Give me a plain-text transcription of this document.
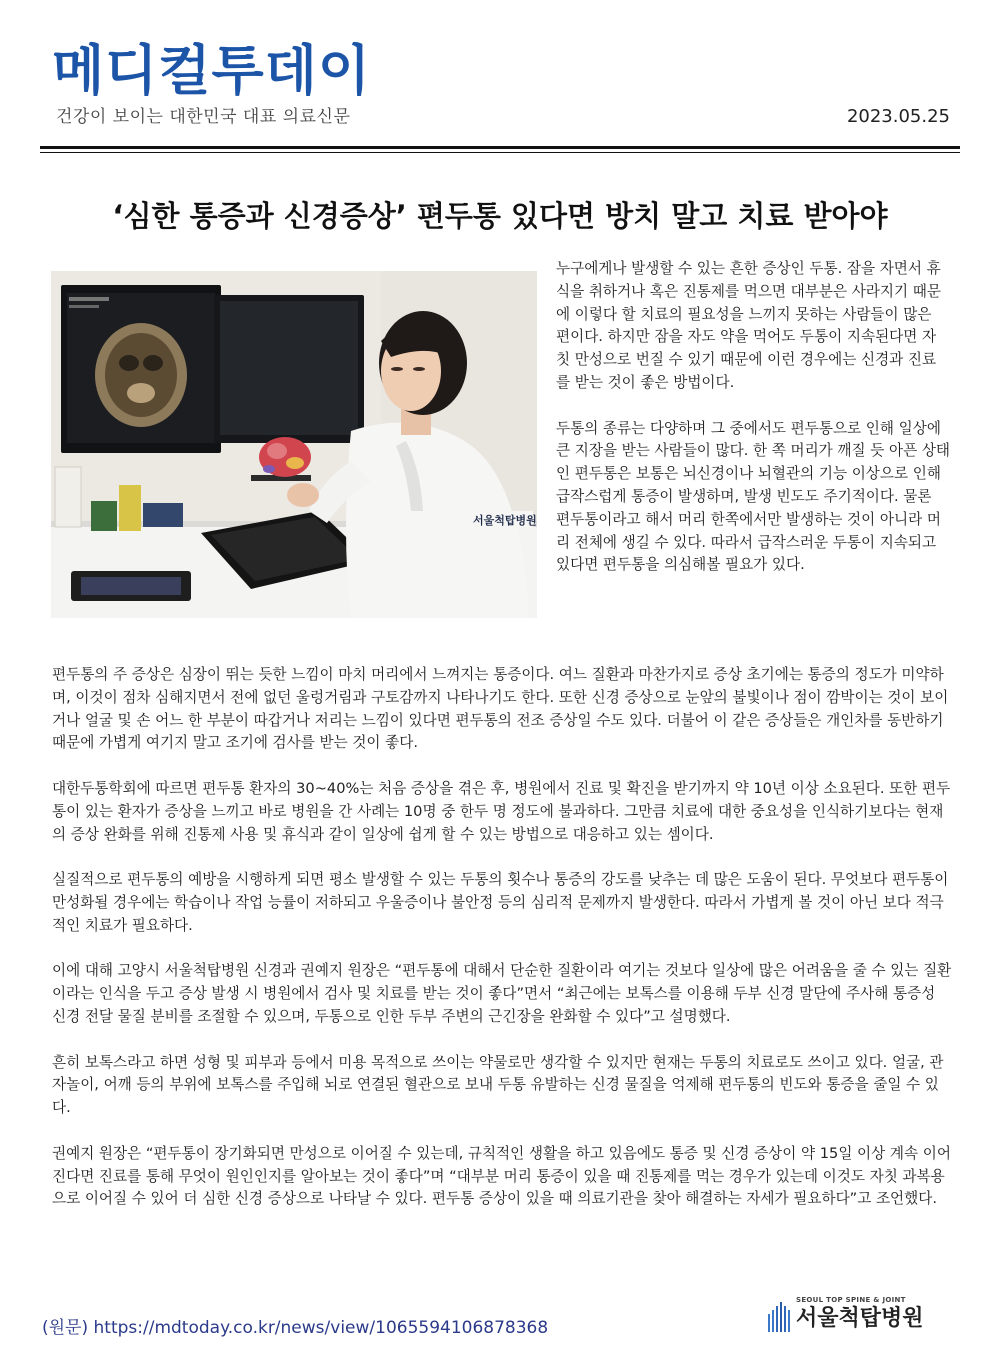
메디컬투데이
건강이 보이는 대한민국 대표 의료신문	2023.05.25
‘심한 통증과 신경증상’ 편두통 있다면 방치 말고 치료 받아야
서울척탑병원

누구에게나 발생할 수 있는 흔한 증상인 두통. 잠을 자면서 휴식을 취하거나 혹은 진통제를 먹으면 대부분은 사라지기 때문에 이렇다 할 치료의 필요성을 느끼지 못하는 사람들이 많은 편이다. 하지만 잠을 자도 약을 먹어도 두통이 지속된다면 자칫 만성으로 번질 수 있기 때문에 이런 경우에는 신경과 진료를 받는 것이 좋은 방법이다.

두통의 종류는 다양하며 그 중에서도 편두통으로 인해 일상에 큰 지장을 받는 사람들이 많다. 한 쪽 머리가 깨질 듯 아픈 상태인 편두통은 보통은 뇌신경이나 뇌혈관의 기능 이상으로 인해 급작스럽게 통증이 발생하며, 발생 빈도도 주기적이다. 물론 편두통이라고 해서 머리 한쪽에서만 발생하는 것이 아니라 머리 전체에 생길 수 있다. 따라서 급작스러운 두통이 지속되고 있다면 편두통을 의심해볼 필요가 있다.

편두통의 주 증상은 심장이 뛰는 듯한 느낌이 마치 머리에서 느껴지는 통증이다. 여느 질환과 마찬가지로 증상 초기에는 통증의 정도가 미약하며, 이것이 점차 심해지면서 전에 없던 울렁거림과 구토감까지 나타나기도 한다. 또한 신경 증상으로 눈앞의 불빛이나 점이 깜박이는 것이 보이거나 얼굴 및 손 어느 한 부분이 따갑거나 저리는 느낌이 있다면 편두통의 전조 증상일 수도 있다. 더불어 이 같은 증상들은 개인차를 동반하기 때문에 가볍게 여기지 말고 조기에 검사를 받는 것이 좋다.

대한두통학회에 따르면 편두통 환자의 30~40%는 처음 증상을 겪은 후, 병원에서 진료 및 확진을 받기까지 약 10년 이상 소요된다. 또한 편두통이 있는 환자가 증상을 느끼고 바로 병원을 간 사례는 10명 중 한두 명 정도에 불과하다. 그만큼 치료에 대한 중요성을 인식하기보다는 현재의 증상 완화를 위해 진통제 사용 및 휴식과 같이 일상에 쉽게 할 수 있는 방법으로 대응하고 있는 셈이다.

실질적으로 편두통의 예방을 시행하게 되면 평소 발생할 수 있는 두통의 횟수나 통증의 강도를 낮추는 데 많은 도움이 된다. 무엇보다 편두통이 만성화될 경우에는 학습이나 작업 능률이 저하되고 우울증이나 불안정 등의 심리적 문제까지 발생한다. 따라서 가볍게 볼 것이 아닌 보다 적극적인 치료가 필요하다.

이에 대해 고양시 서울척탑병원 신경과 권예지 원장은 “편두통에 대해서 단순한 질환이라 여기는 것보다 일상에 많은 어려움을 줄 수 있는 질환이라는 인식을 두고 증상 발생 시 병원에서 검사 및 치료를 받는 것이 좋다”면서 “최근에는 보톡스를 이용해 두부 신경 말단에 주사해 통증성 신경 전달 물질 분비를 조절할 수 있으며, 두통으로 인한 두부 주변의 근긴장을 완화할 수 있다”고 설명했다.

흔히 보톡스라고 하면 성형 및 피부과 등에서 미용 목적으로 쓰이는 약물로만 생각할 수 있지만 현재는 두통의 치료로도 쓰이고 있다. 얼굴, 관자놀이, 어깨 등의 부위에 보톡스를 주입해 뇌로 연결된 혈관으로 보내 두통 유발하는 신경 물질을 억제해 편두통의 빈도와 통증을 줄일 수 있다.

권예지 원장은 “편두통이 장기화되면 만성으로 이어질 수 있는데, 규칙적인 생활을 하고 있음에도 통증 및 신경 증상이 약 15일 이상 계속 이어진다면 진료를 통해 무엇이 원인인지를 알아보는 것이 좋다”며 “대부분 머리 통증이 있을 때 진통제를 먹는 경우가 있는데 이것도 자칫 과복용으로 이어질 수 있어 더 심한 신경 증상으로 나타날 수 있다. 편두통 증상이 있을 때 의료기관을 찾아 해결하는 자세가 필요하다”고 조언했다.

(원문) https://mdtoday.co.kr/news/view/1065594106878368
SEOUL TOP SPINE & JOINT
서울척탑병원
